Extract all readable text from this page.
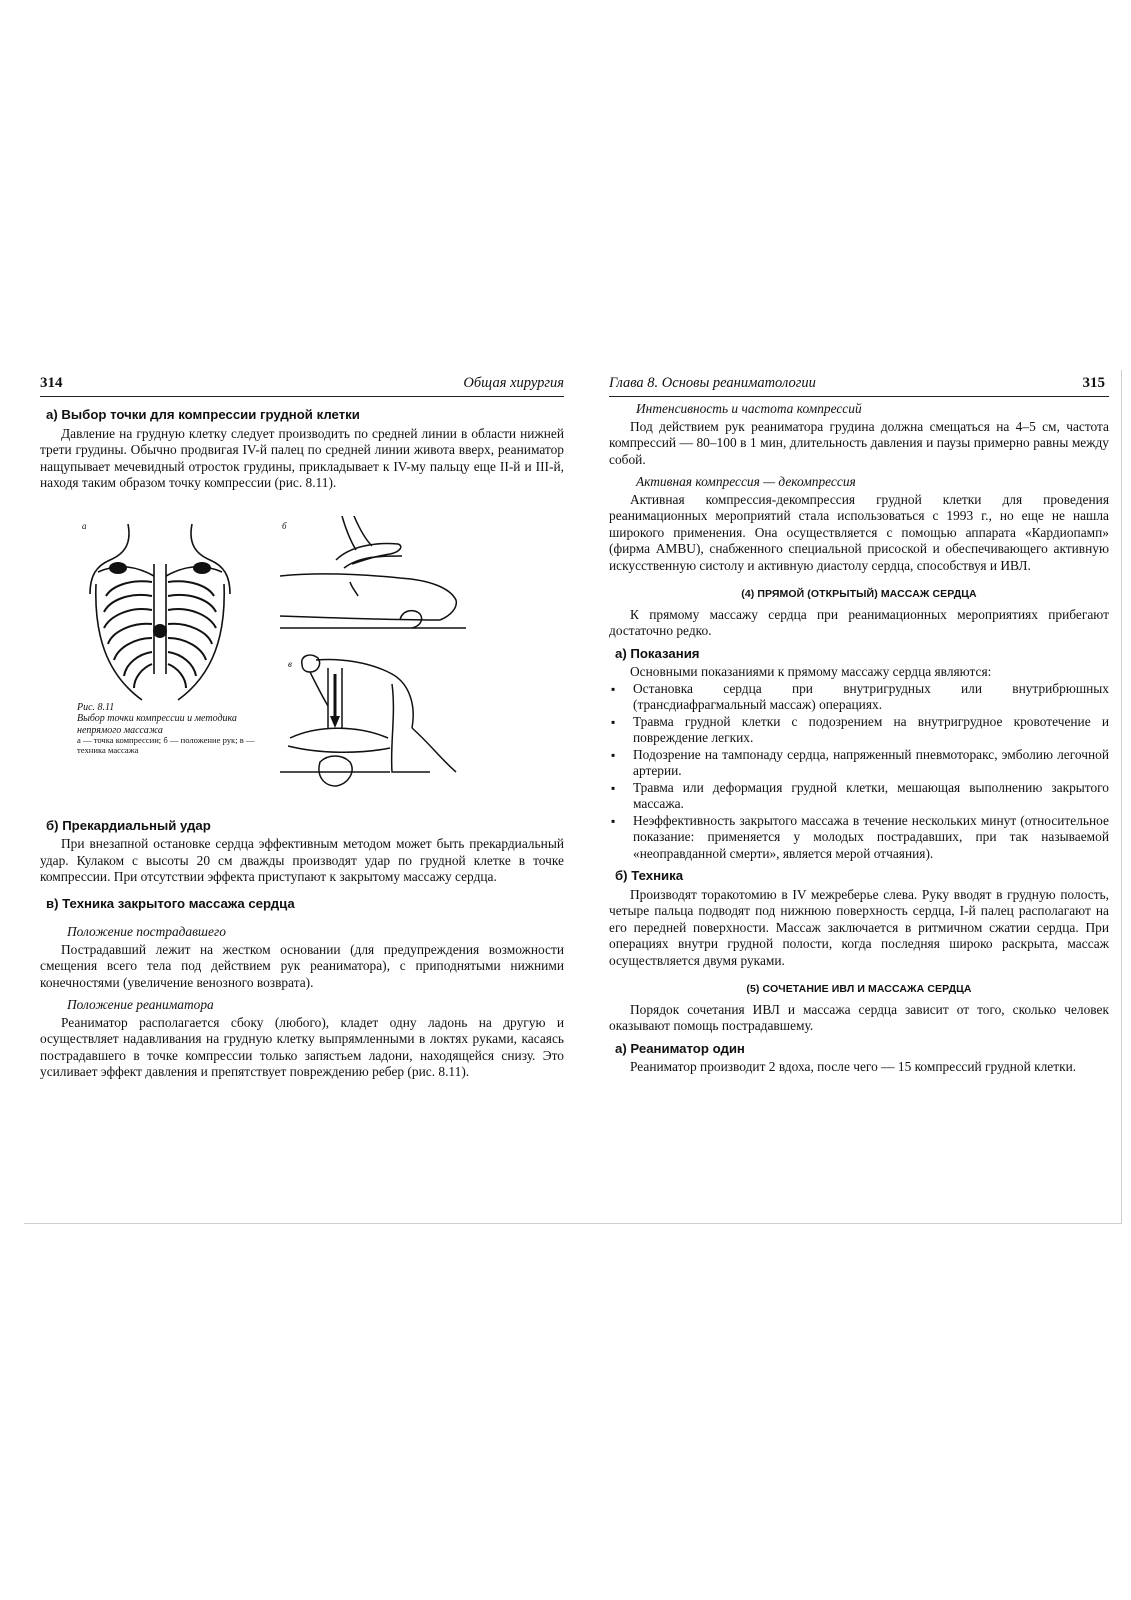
314	Общая хирургия
а) Выбор точки для компрессии грудной клетки

Давление на грудную клетку следует производить по средней линии в области нижней трети грудины. Обычно продвигая IV-й палец по средней линии живота вверх, реаниматор нащупывает мечевидный отросток грудины, прикладывает к IV-му пальцу еще II-й и III-й, находя таким образом точку компрессии (рис. 8.11).

а	б
в
Рис. 8.11
Выбор точки компрессии и методика непрямого массажа
а — точка компрессии; б — положение рук; в — техника массажа
б) Прекардиальный удар

При внезапной остановке сердца эффективным методом может быть прекардиальный удар. Кулаком с высоты 20 см дважды производят удар по грудной клетке в точке компрессии. При отсутствии эффекта приступают к закрытому массажу сердца.

в) Техника закрытого массажа сердца
Положение пострадавшего

Пострадавший лежит на жестком основании (для предупреждения возможности смещения всего тела под действием рук реаниматора), с приподнятыми нижними конечностями (увеличение венозного возврата).

Положение реаниматора

Реаниматор располагается сбоку (любого), кладет одну ладонь на другую и осуществляет надавливания на грудную клетку выпрямленными в локтях руками, касаясь пострадавшего в точке компрессии только запястьем ладони, находящейся снизу. Это усиливает эффект давления и препятствует повреждению ребер (рис. 8.11).

Глава 8. Основы реаниматологии	315
Интенсивность и частота компрессий

Под действием рук реаниматора грудина должна смещаться на 4–5 см, частота компрессий — 80–100 в 1 мин, длительность давления и паузы примерно равны между собой.

Активная компрессия — декомпрессия

Активная компрессия-декомпрессия грудной клетки для проведения реанимационных мероприятий стала использоваться с 1993 г., но еще не нашла широкого применения. Она осуществляется с помощью аппарата «Кардиопамп» (фирма AMBU), снабженного специальной присоской и обеспечивающего активную искусственную систолу и активную диастолу сердца, способствуя и ИВЛ.

(4) ПРЯМОЙ (ОТКРЫТЫЙ) МАССАЖ СЕРДЦА

К прямому массажу сердца при реанимационных мероприятиях прибегают достаточно редко.

а) Показания

Основными показаниями к прямому массажу сердца являются:

▪ Остановка сердца при внутригрудных или внутрибрюшных (трансдиафрагмальный массаж) операциях.
▪ Травма грудной клетки с подозрением на внутригрудное кровотечение и повреждение легких.
▪ Подозрение на тампонаду сердца, напряженный пневмоторакс, эмболию легочной артерии.
▪ Травма или деформация грудной клетки, мешающая выполнению закрытого массажа.
▪ Неэффективность закрытого массажа в течение нескольких минут (относительное показание: применяется у молодых пострадавших, при так называемой «неоправданной смерти», является мерой отчаяния).
б) Техника

Производят торакотомию в IV межреберье слева. Руку вводят в грудную полость, четыре пальца подводят под нижнюю поверхность сердца, I-й палец располагают на его передней поверхности. Массаж заключается в ритмичном сжатии сердца. При операциях внутри грудной полости, когда последняя широко раскрыта, массаж осуществляется двумя руками.

(5) СОЧЕТАНИЕ ИВЛ И МАССАЖА СЕРДЦА

Порядок сочетания ИВЛ и массажа сердца зависит от того, сколько человек оказывают помощь пострадавшему.

а) Реаниматор один

Реаниматор производит 2 вдоха, после чего — 15 компрессий грудной клетки.
